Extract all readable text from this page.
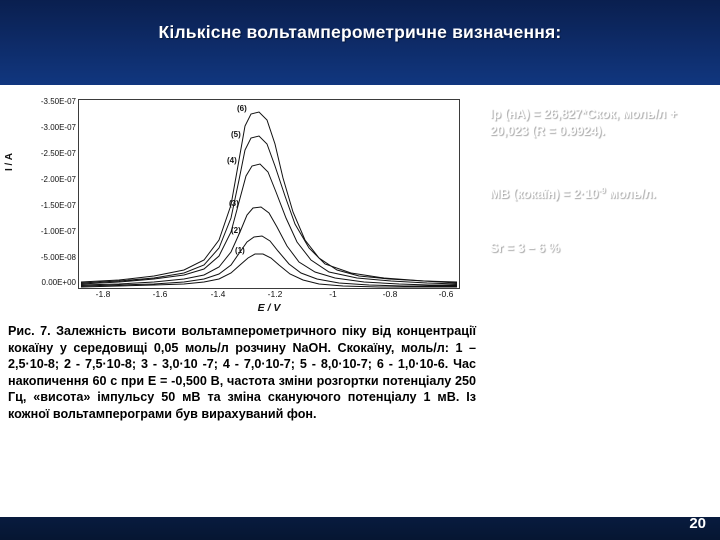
Кількісне вольтамперометричне визначення:
I / A
-3.50E-07
-3.00E-07
-2.50E-07
-2.00E-07
-1.50E-07
-1.00E-07
-5.00E-08
0.00E+00
(6)
(5)
(4)
(3)
(2)
(1)
-1.8	-1.6	-1.4	-1.2	-1	-0.8	-0.6
E / V
Рис. 7. Залежність висоти вольтамперометричного піку від концентрації кокаїну у середовищі 0,05 моль/л розчину NaOH. Скокаїну, моль/л: 1 – 2,5·10-8; 2 - 7,5·10-8; 3 - 3,0·10 -7; 4 - 7,0·10-7; 5 - 8,0·10-7; 6 - 1,0·10-6. Час накопичення 60 с при Е = -0,500 В, частота зміни розгортки потенціалу 250 Гц, «висота» імпульсу 50 мВ та зміна скануючого потенціалу 1 мВ. Із кожної вольтамперограми був вирахуваний фон.
Ip (нА) = 26,827*Скок, моль/л + 20,023 (R = 0.9924).
МВ (кокаїн) = $2\cdot 10^{-9}$ моль/л.
Sr = 3 – 6 %
20
